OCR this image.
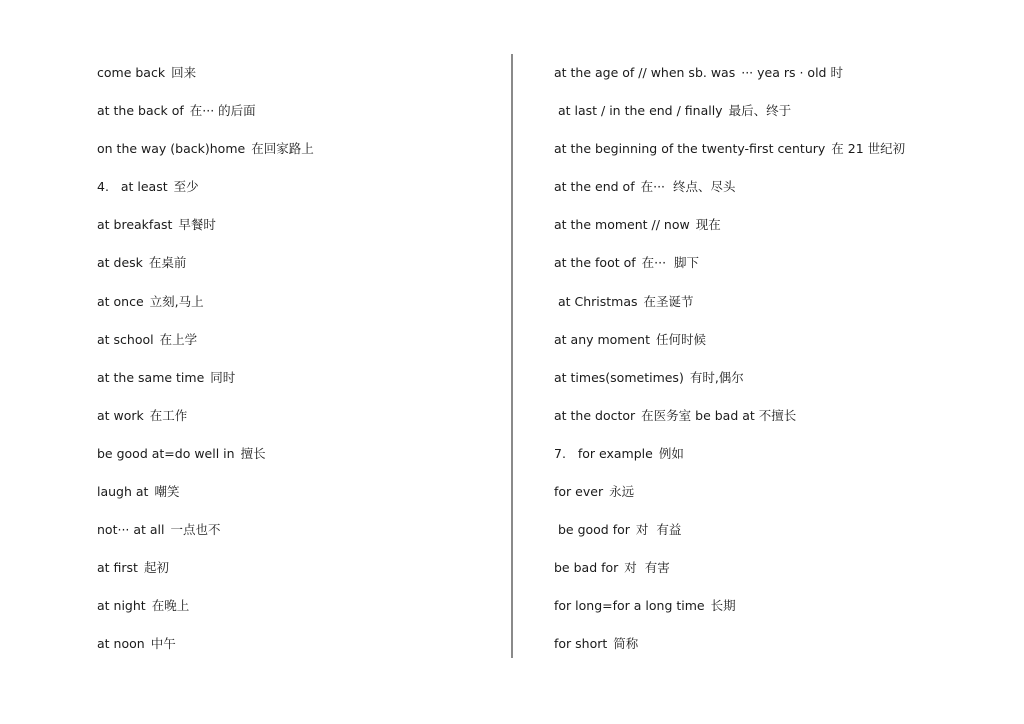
come back 回来
at the back of 在··· 的后面
on the way (back)home 在回家路上
4.   at least 至少
at breakfast 早餐时
at desk 在桌前
at once 立刻,马上
at school 在上学
at the same time 同时
at work 在工作
be good at=do well in 擅长
laugh at 嘲笑
not··· at all 一点也不
at first 起初
at night 在晚上
at noon 中午
at the age of // when sb. was ··· yea rs · old 时
at last / in the end / finally 最后、终于
at the beginning of the twenty-first century 在 21 世纪初
at the end of 在···  终点、尽头
at the moment // now 现在
at the foot of 在···  脚下
at Christmas 在圣诞节
at any moment 任何时候
at times(sometimes) 有时,偶尔
at the doctor 在医务室 be bad at 不擅长
7.   for example 例如
for ever 永远
be good for 对  有益
be bad for 对  有害
for long=for a long time 长期
for short 简称
